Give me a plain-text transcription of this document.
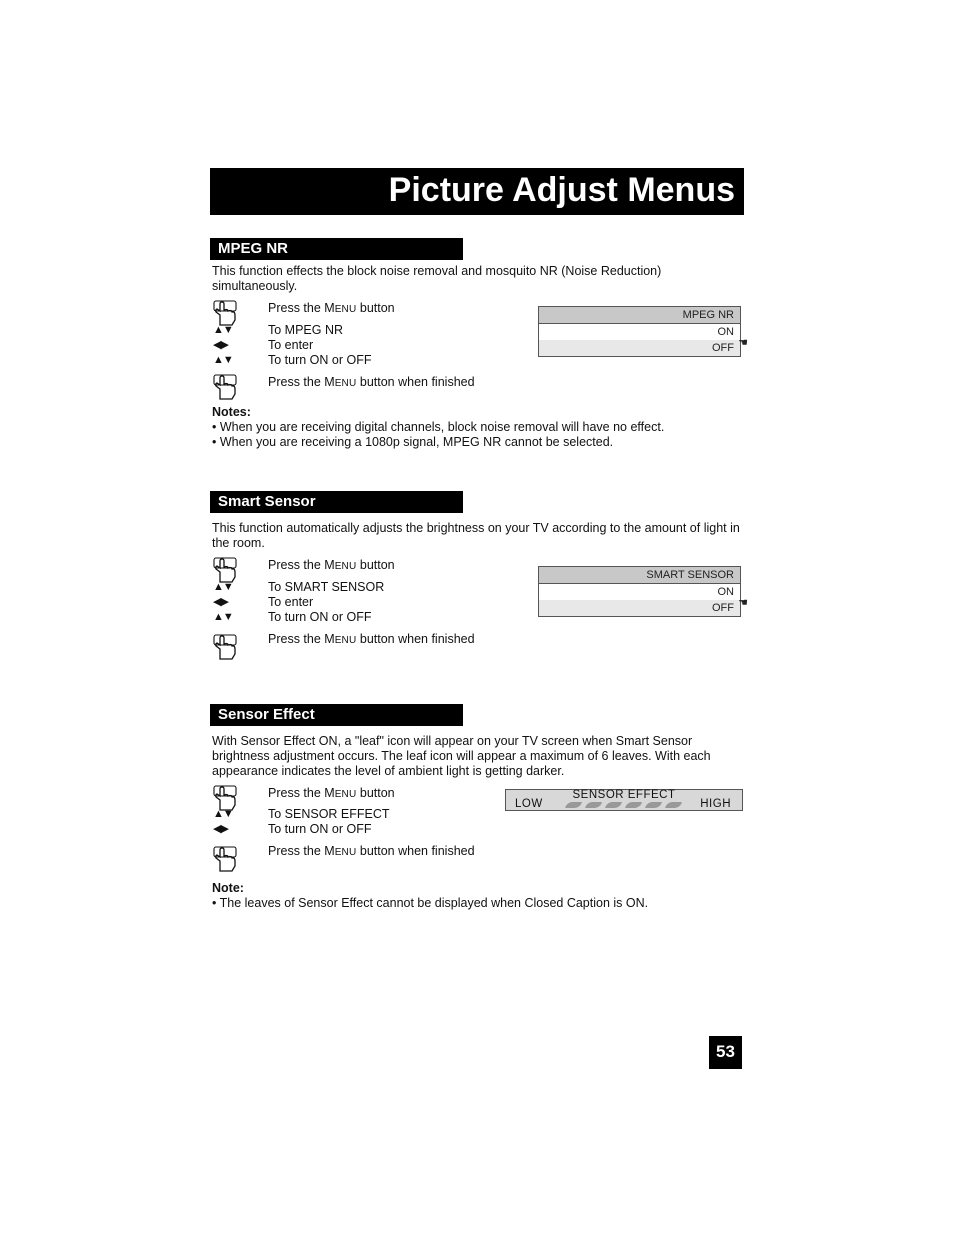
Picture Adjust Menus
MPEG NR
This function effects the block noise removal and mosquito NR (Noise Reduction) simultaneously.
Press the MENU button
▲▼	To MPEG NR
◀▶	To enter
▲▼	To turn ON or OFF
Press the MENU button when finished
MPEG NR
ON
OFF ☚
Notes:
• When you are receiving digital channels, block noise removal will have no effect.
• When you are receiving a 1080p signal, MPEG NR cannot be selected.
Smart Sensor
This function automatically adjusts the brightness on your TV according to the amount of light in the room.
Press the MENU button
▲▼	To SMART SENSOR
◀▶	To enter
▲▼	To turn ON or OFF
Press the MENU button when finished
SMART SENSOR
ON
OFF ☚
Sensor Effect
With Sensor Effect ON, a "leaf" icon will appear on your TV screen when Smart Sensor brightness adjustment occurs. The leaf icon will appear a maximum of 6 leaves. With each appearance indicates the level of ambient light is getting darker.
Press the MENU button
▲▼	To SENSOR EFFECT
◀▶	To turn ON or OFF
Press the MENU button when finished
SENSOR EFFECT
LOW	HIGH
Note:
• The leaves of Sensor Effect cannot be displayed when Closed Caption is ON.
53
